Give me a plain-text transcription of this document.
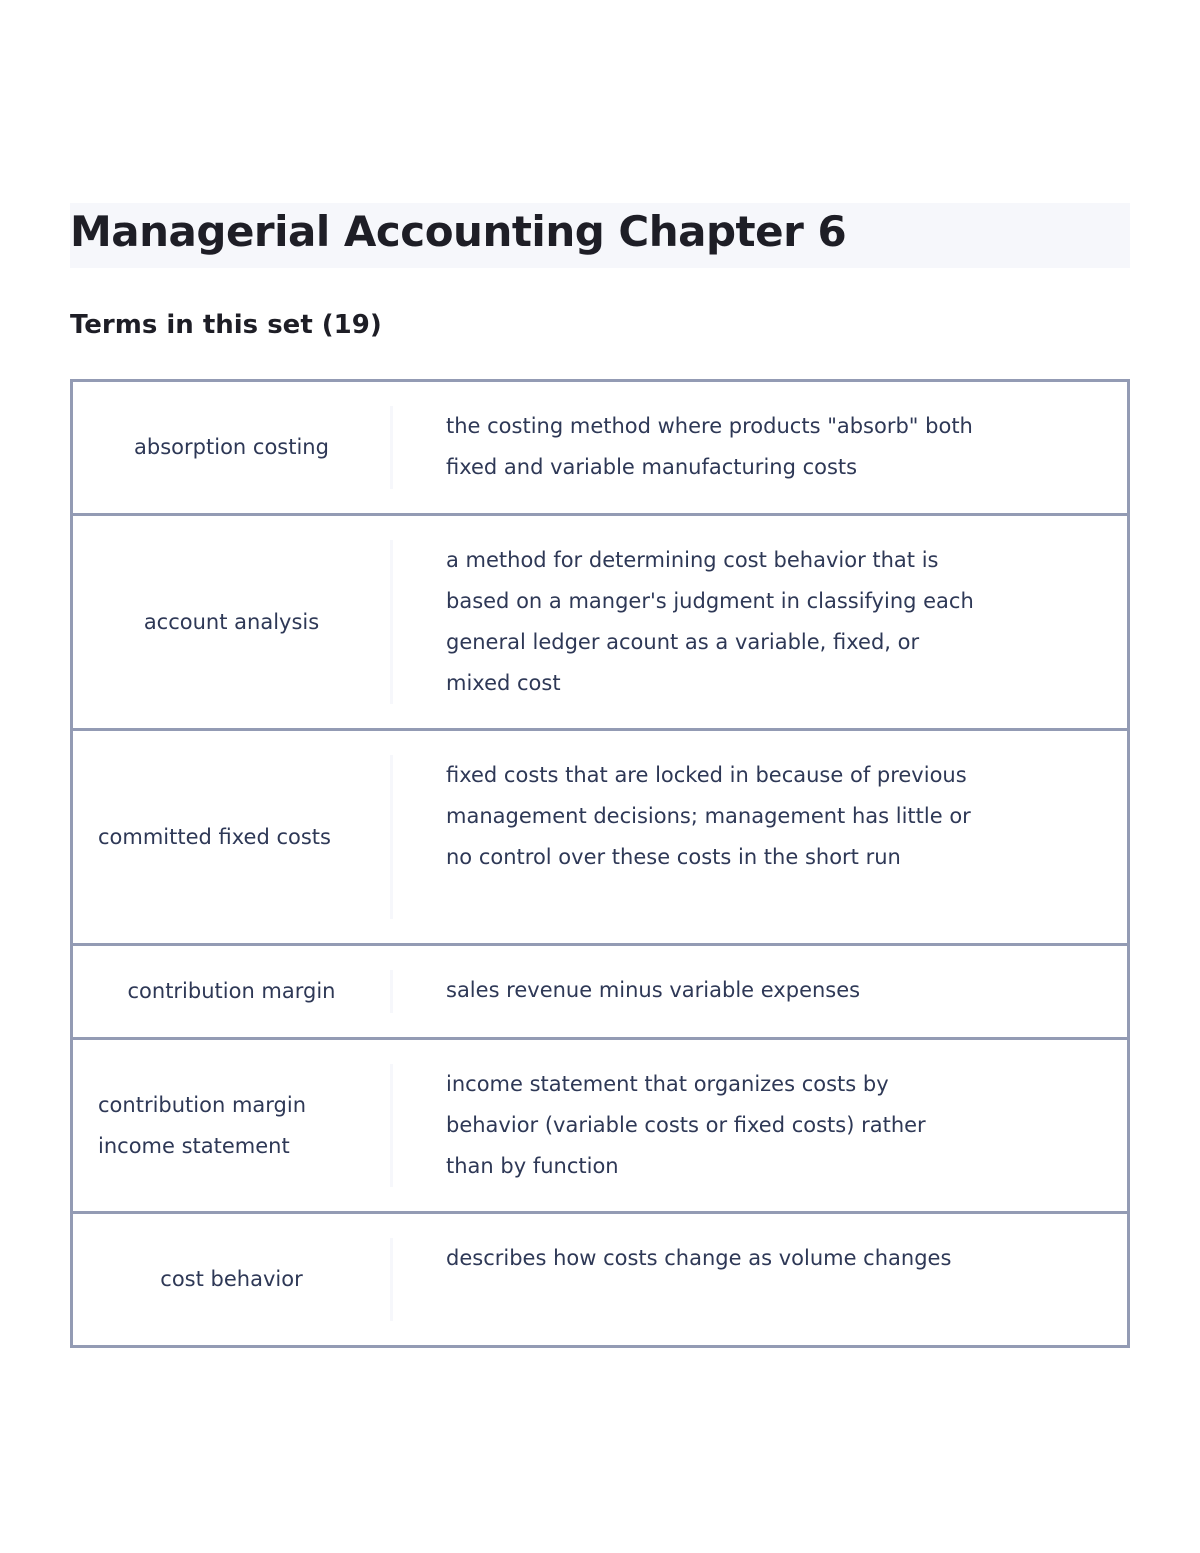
Managerial Accounting Chapter 6
Terms in this set (19)
absorption costing
the costing method where products "absorb" both fixed and variable manufacturing costs
account analysis
a method for determining cost behavior that is based on a manger's judgment in classifying each general ledger acount as a variable, fixed, or mixed cost
committed fixed costs
fixed costs that are locked in because of previous management decisions; management has little or no control over these costs in the short run
contribution margin	sales revenue minus variable expenses
contribution margin income statement
income statement that organizes costs by behavior (variable costs or fixed costs) rather than by function
cost behavior
describes how costs change as volume changes
